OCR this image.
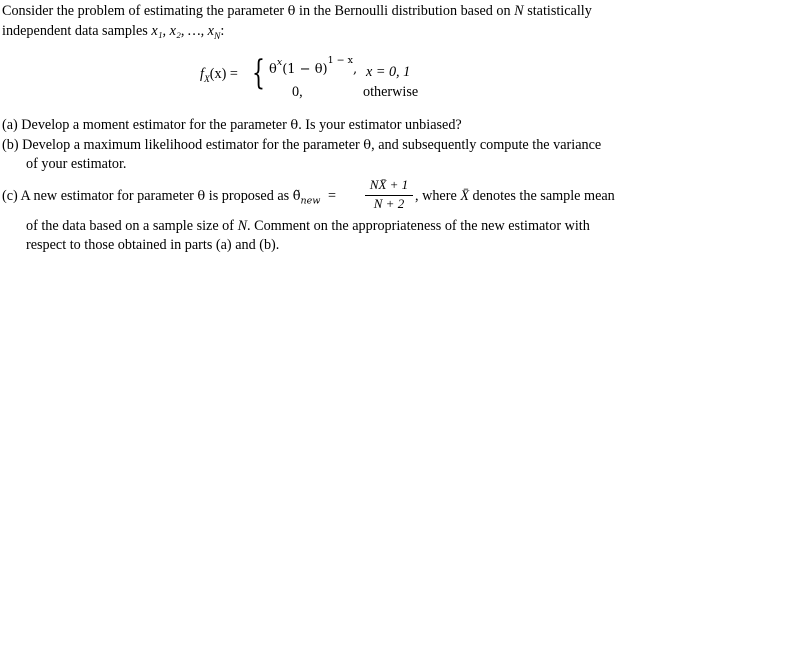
Consider the problem of estimating the parameter θ in the Bernoulli distribution based on N statistically
independent data samples x₁, x₂, …, $x_N$:
$f_X(x)$ = { $\theta^x(1 - \theta)^{1 - x}$, x = 0, 1
0,	otherwise
(a) Develop a moment estimator for the parameter θ. Is your estimator unbiased?
(b) Develop a maximum likelihood estimator for the parameter θ, and subsequently compute the variance
of your estimator.
(c) A new estimator for parameter θ is proposed as $\thetã_{new}$ =
NX̄ + 1
N + 2 , where X̄ denotes the sample mean
of the data based on a sample size of N. Comment on the appropriateness of the new estimator with
respect to those obtained in parts (a) and (b).
